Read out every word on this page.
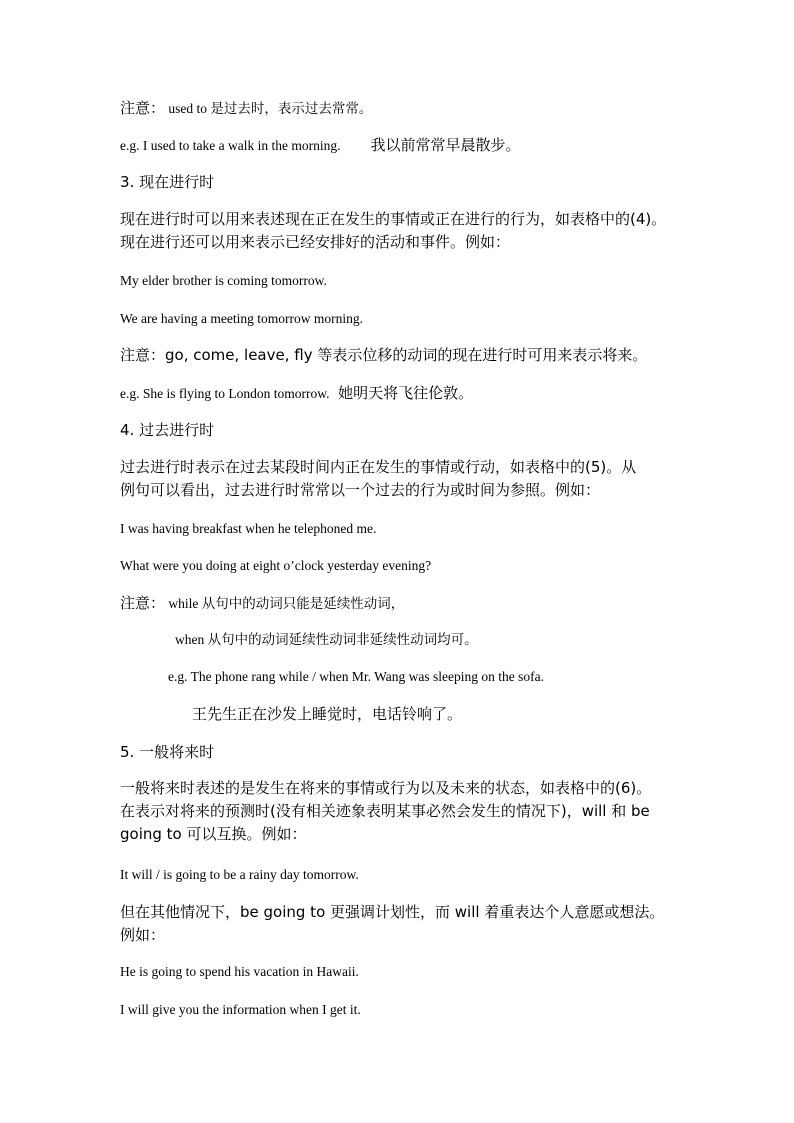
注意： used to 是过去时，表示过去常常。
e.g. I used to take a walk in the morning. 我以前常常早晨散步。
3. 现在进行时
现在进行时可以用来表述现在正在发生的事情或正在进行的行为，如表格中的(4)。
现在进行还可以用来表示已经安排好的活动和事件。例如：
My elder brother is coming tomorrow.
We are having a meeting tomorrow morning.
注意：go, come, leave, fly 等表示位移的动词的现在进行时可用来表示将来。
e.g. She is flying to London tomorrow. 她明天将飞往伦敦。
4. 过去进行时
过去进行时表示在过去某段时间内正在发生的事情或行动，如表格中的(5)。从
例句可以看出，过去进行时常常以一个过去的行为或时间为参照。例如：
I was having breakfast when he telephoned me.
What were you doing at eight o’clock yesterday evening?
注意： while 从句中的动词只能是延续性动词，
when 从句中的动词延续性动词非延续性动词均可。
e.g. The phone rang while / when Mr. Wang was sleeping on the sofa.
王先生正在沙发上睡觉时，电话铃响了。
5. 一般将来时
一般将来时表述的是发生在将来的事情或行为以及未来的状态，如表格中的(6)。
在表示对将来的预测时(没有相关迹象表明某事必然会发生的情况下)，will 和 be
going to 可以互换。例如：
It will / is going to be a rainy day tomorrow.
但在其他情况下，be going to 更强调计划性，而 will 着重表达个人意愿或想法。
例如：
He is going to spend his vacation in Hawaii.
I will give you the information when I get it.
